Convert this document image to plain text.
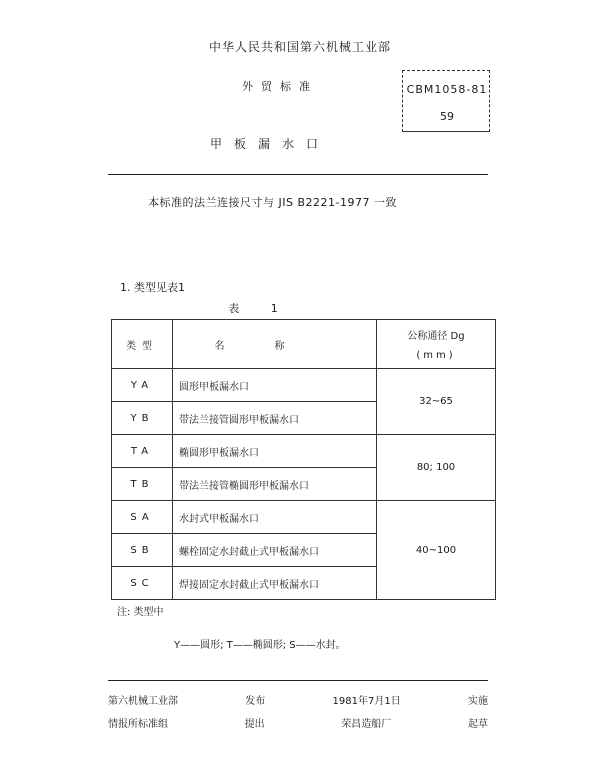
中华人民共和国第六机械工业部
外贸标准	CBM1058-81
59
甲板漏水口
本标准的法兰连接尺寸与 JIS B2221-1977 一致
1. 类型见表1
表 1
类型	名称	公称通径 Dg
(mm)

YA	圆形甲板漏水口	32~65
YB	带法兰接管圆形甲板漏水口	
TA	椭圆形甲板漏水口	80; 100
TB	带法兰接管椭圆形甲板漏水口	
SA	水封式甲板漏水口	40~100
SB	螺栓固定水封截止式甲板漏水口	
SC	焊接固定水封截止式甲板漏水口	
注: 类型中
Y——圆形; T——椭圆形; S——水封。
第六机械工业部	发布	1981年7月1日	实施
情报所标准组	提出	荣昌造船厂	起草
